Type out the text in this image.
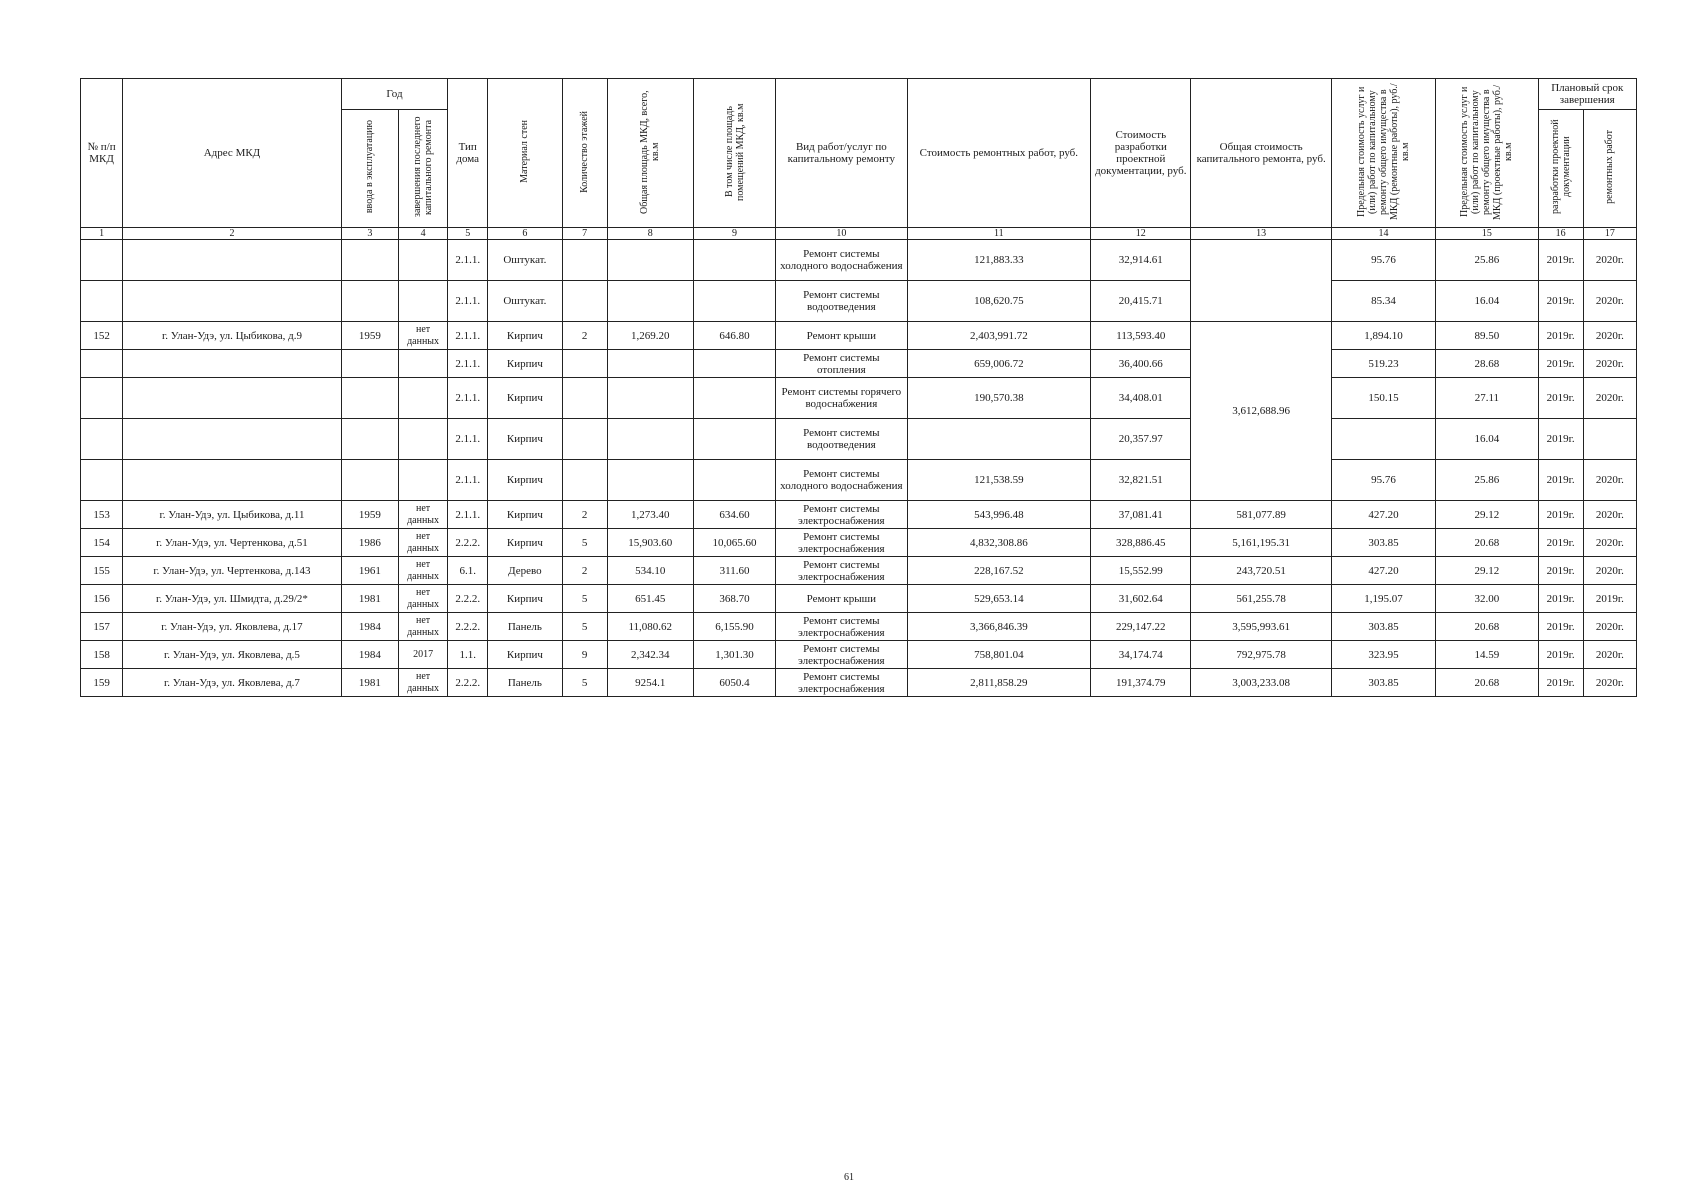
№ п/п МКД	Адрес МКД	Год		Тип дома	Материал стен	Количество этажей	Общая площадь МКД, всего, кв.м	В том числе площадь помещений МКД, кв.м	Вид работ/услуг по капитальному ремонту	Стоимость ремонтных работ, руб.	Стоимость разработки проектной документации, руб.	Общая стоимость капитального ремонта, руб.	Предельная стоимость услуг и (или) работ по капитальному ремонту общего имущества в МКД (ремонтные работы), руб./кв.м	Предельная стоимость услуг и (или) работ по капитальному ремонту общего имущества в МКД (проектные работы), руб./кв.м	Плановый срок завершения	
		ввода в эксплуатацию	завершения последнего капитального ремонта												разработки проектной документации	ремонтных работ
1	2	3	4	5	6	7	8	9	10	11	12	13	14	15	16	17
				2.1.1.	Оштукат.				Ремонт системы холодного водоснабжения	121,883.33	32,914.61		95.76	25.86	2019г.	2020г.
				2.1.1.	Оштукат.				Ремонт системы водоотведения	108,620.75	20,415.71		85.34	16.04	2019г.	2020г.
152	г. Улан-Удэ, ул. Цыбикова, д.9	1959	нет данных	2.1.1.	Кирпич	2	1,269.20	646.80	Ремонт крыши	2,403,991.72	113,593.40	3,612,688.96	1,894.10	89.50	2019г.	2020г.
				2.1.1.	Кирпич				Ремонт системы отопления	659,006.72	36,400.66		519.23	28.68	2019г.	2020г.
				2.1.1.	Кирпич				Ремонт системы горячего водоснабжения	190,570.38	34,408.01		150.15	27.11	2019г.	2020г.
				2.1.1.	Кирпич				Ремонт системы водоотведения		20,357.97			16.04	2019г.	
				2.1.1.	Кирпич				Ремонт системы холодного водоснабжения	121,538.59	32,821.51		95.76	25.86	2019г.	2020г.
153	г. Улан-Удэ, ул. Цыбикова, д.11	1959	нет данных	2.1.1.	Кирпич	2	1,273.40	634.60	Ремонт системы электроснабжения	543,996.48	37,081.41	581,077.89	427.20	29.12	2019г.	2020г.
154	г. Улан-Удэ, ул. Чертенкова, д.51	1986	нет данных	2.2.2.	Кирпич	5	15,903.60	10,065.60	Ремонт системы электроснабжения	4,832,308.86	328,886.45	5,161,195.31	303.85	20.68	2019г.	2020г.
155	г. Улан-Удэ, ул. Чертенкова, д.143	1961	нет данных	6.1.	Дерево	2	534.10	311.60	Ремонт системы электроснабжения	228,167.52	15,552.99	243,720.51	427.20	29.12	2019г.	2020г.
156	г. Улан-Удэ, ул. Шмидта, д.29/2*	1981	нет данных	2.2.2.	Кирпич	5	651.45	368.70	Ремонт крыши	529,653.14	31,602.64	561,255.78	1,195.07	32.00	2019г.	2019г.
157	г. Улан-Удэ, ул. Яковлева, д.17	1984	нет данных	2.2.2.	Панель	5	11,080.62	6,155.90	Ремонт системы электроснабжения	3,366,846.39	229,147.22	3,595,993.61	303.85	20.68	2019г.	2020г.
158	г. Улан-Удэ, ул. Яковлева, д.5	1984	2017	1.1.	Кирпич	9	2,342.34	1,301.30	Ремонт системы электроснабжения	758,801.04	34,174.74	792,975.78	323.95	14.59	2019г.	2020г.
159	г. Улан-Удэ, ул. Яковлева, д.7	1981	нет данных	2.2.2.	Панель	5	9254.1	6050.4	Ремонт системы электроснабжения	2,811,858.29	191,374.79	3,003,233.08	303.85	20.68	2019г.	2020г.
61
